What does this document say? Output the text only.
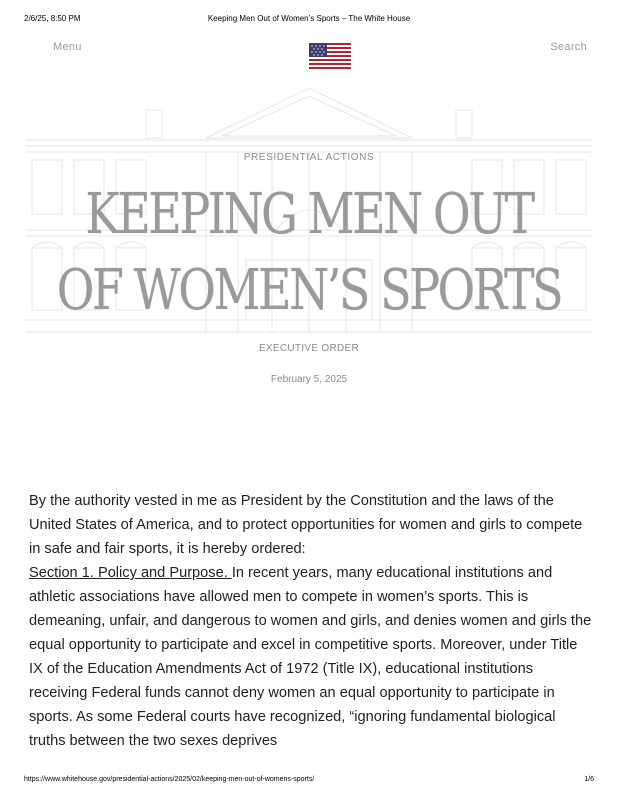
2/6/25, 8:50 PM	Keeping Men Out of Women’s Sports – The White House
Menu	Search
PRESIDENTIAL ACTIONS
KEEPING MEN OUT
OF WOMEN’S SPORTS
EXECUTIVE ORDER
February 5, 2025

By the authority vested in me as President by the Constitution and the laws of the United States of America, and to protect opportunities for women and girls to compete in safe and fair sports, it is hereby ordered:

Section 1. Policy and Purpose. In recent years, many educational institutions and athletic associations have allowed men to compete in women’s sports. This is demeaning, unfair, and dangerous to women and girls, and denies women and girls the equal opportunity to participate and excel in competitive sports. Moreover, under Title IX of the Education Amendments Act of 1972 (Title IX), educational institutions receiving Federal funds cannot deny women an equal opportunity to participate in sports. As some Federal courts have recognized, “ignoring fundamental biological truths between the two sexes deprives

https://www.whitehouse.gov/presidential-actions/2025/02/keeping-men-out-of-womens-sports/	1/6
